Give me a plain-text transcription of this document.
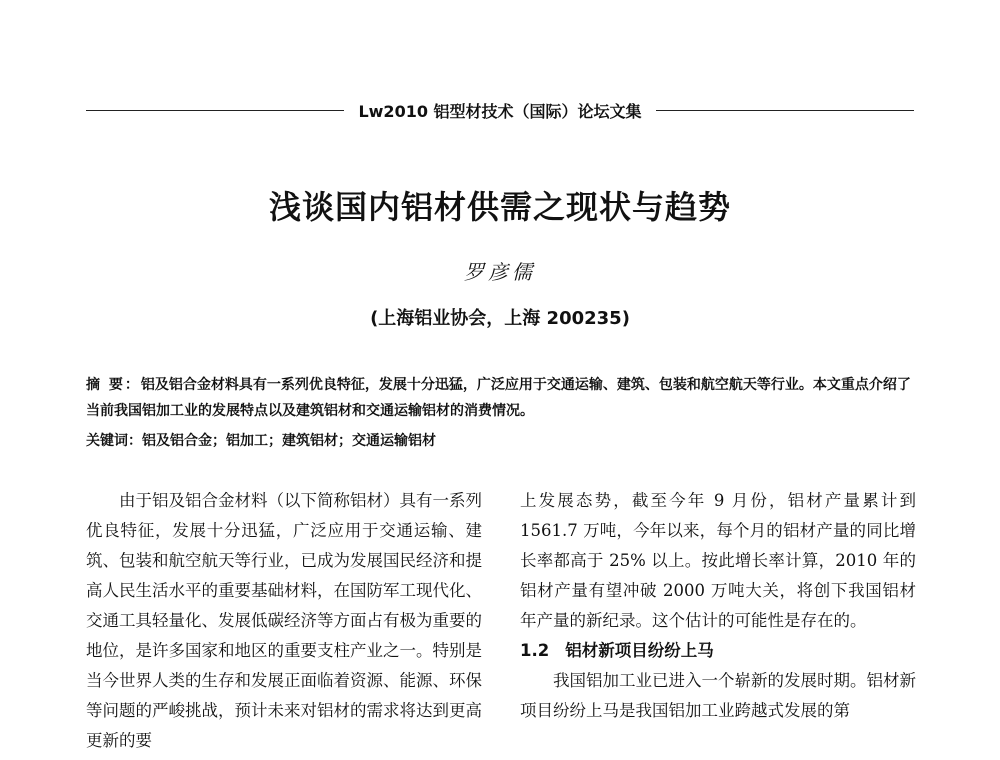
Lw2010 铝型材技术（国际）论坛文集
浅谈国内铝材供需之现状与趋势
罗彦儒
(上海铝业协会，上海 200235)
摘 要：铝及铝合金材料具有一系列优良特征，发展十分迅猛，广泛应用于交通运输、建筑、包装和航空航天等行业。本文重点介绍了当前我国铝加工业的发展特点以及建筑铝材和交通运输铝材的消费情况。
关键词：铝及铝合金；铝加工；建筑铝材；交通运输铝材

由于铝及铝合金材料（以下简称铝材）具有一系列优良特征，发展十分迅猛，广泛应用于交通运输、建筑、包装和航空航天等行业，已成为发展国民经济和提高人民生活水平的重要基础材料，在国防军工现代化、交通工具轻量化、发展低碳经济等方面占有极为重要的地位，是许多国家和地区的重要支柱产业之一。特别是当今世界人类的生存和发展正面临着资源、能源、环保等问题的严峻挑战，预计未来对铝材的需求将达到更高更新的要

上发展态势，截至今年 9 月份，铝材产量累计到 1561.7 万吨，今年以来，每个月的铝材产量的同比增长率都高于 25% 以上。按此增长率计算，2010 年的铝材产量有望冲破 2000 万吨大关，将创下我国铝材年产量的新纪录。这个估计的可能性是存在的。

1.2 铝材新项目纷纷上马

我国铝加工业已进入一个崭新的发展时期。铝材新项目纷纷上马是我国铝加工业跨越式发展的第
